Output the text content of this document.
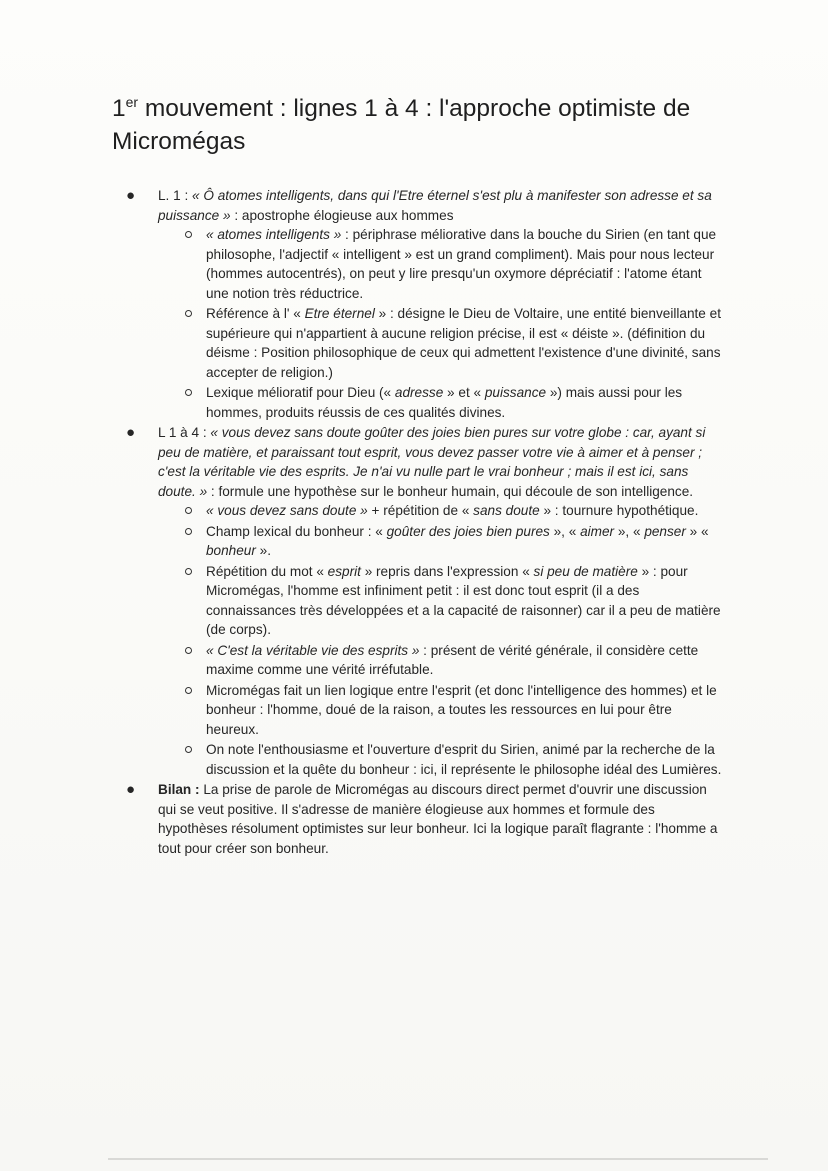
1er mouvement : lignes 1 à 4 : l'approche optimiste de Micromégas
● L. 1 : « Ô atomes intelligents, dans qui l'Etre éternel s'est plu à manifester son adresse et sa puissance » : apostrophe élogieuse aux hommes
« atomes intelligents » : périphrase méliorative dans la bouche du Sirien (en tant que philosophe, l'adjectif « intelligent » est un grand compliment). Mais pour nous lecteur (hommes autocentrés), on peut y lire presqu'un oxymore dépréciatif : l'atome étant une notion très réductrice.
Référence à l' « Etre éternel » : désigne le Dieu de Voltaire, une entité bienveillante et supérieure qui n'appartient à aucune religion précise, il est « déiste ». (définition du déisme : Position philosophique de ceux qui admettent l'existence d'une divinité, sans accepter de religion.)
Lexique mélioratif pour Dieu (« adresse » et « puissance ») mais aussi pour les hommes, produits réussis de ces qualités divines.
● L 1 à 4 : « vous devez sans doute goûter des joies bien pures sur votre globe : car, ayant si peu de matière, et paraissant tout esprit, vous devez passer votre vie à aimer et à penser ; c'est la véritable vie des esprits. Je n'ai vu nulle part le vrai bonheur ; mais il est ici, sans doute. » : formule une hypothèse sur le bonheur humain, qui découle de son intelligence.
« vous devez sans doute » + répétition de « sans doute » : tournure hypothétique.
Champ lexical du bonheur : « goûter des joies bien pures », « aimer », « penser » « bonheur ».
Répétition du mot « esprit » repris dans l'expression « si peu de matière » : pour Micromégas, l'homme est infiniment petit : il est donc tout esprit (il a des connaissances très développées et a la capacité de raisonner) car il a peu de matière (de corps).
« C'est la véritable vie des esprits » : présent de vérité générale, il considère cette maxime comme une vérité irréfutable.
Micromégas fait un lien logique entre l'esprit (et donc l'intelligence des hommes) et le bonheur : l'homme, doué de la raison, a toutes les ressources en lui pour être heureux.
On note l'enthousiasme et l'ouverture d'esprit du Sirien, animé par la recherche de la discussion et la quête du bonheur : ici, il représente le philosophe idéal des Lumières.
● Bilan : La prise de parole de Micromégas au discours direct permet d'ouvrir une discussion qui se veut positive. Il s'adresse de manière élogieuse aux hommes et formule des hypothèses résolument optimistes sur leur bonheur. Ici la logique paraît flagrante : l'homme a tout pour créer son bonheur.
